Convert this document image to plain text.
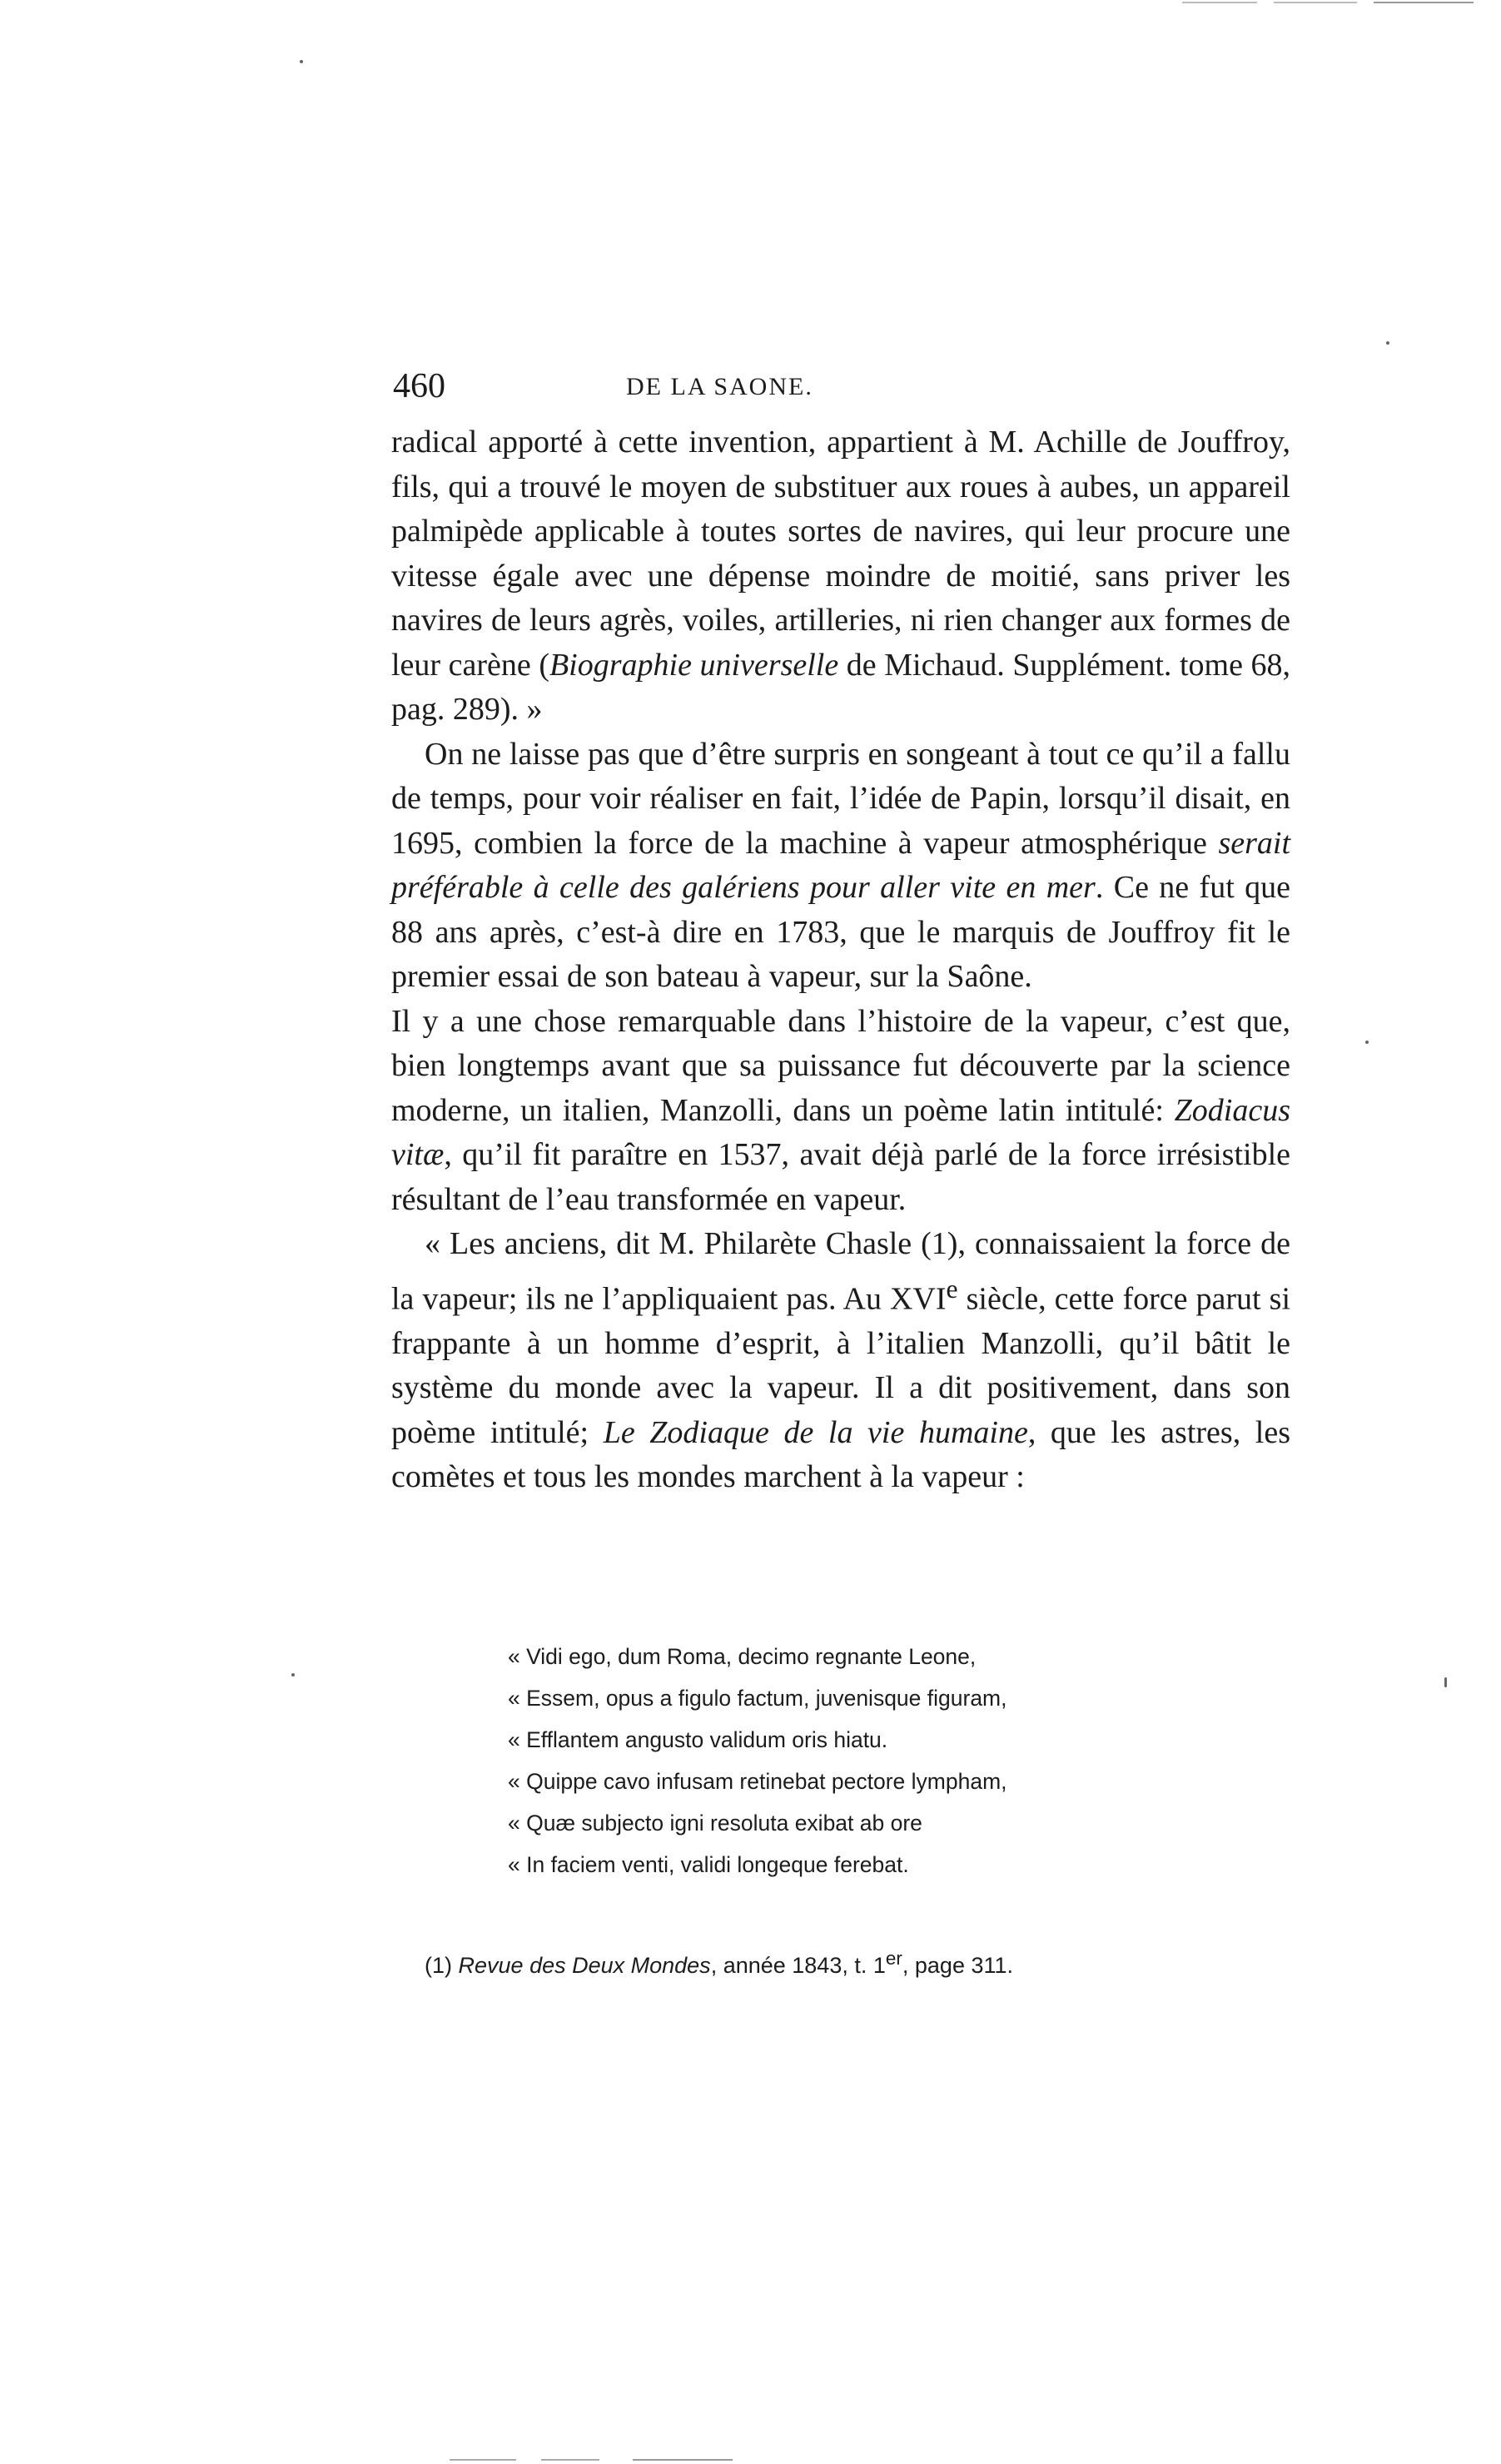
460	DE LA SAONE.

radical apporté à cette invention, appartient à M. Achille de Jouffroy, fils, qui a trouvé le moyen de substituer aux roues à aubes, un appareil palmipède applicable à toutes sortes de navires, qui leur procure une vitesse égale avec une dépense moindre de moitié, sans priver les navires de leurs agrès, voiles, artilleries, ni rien changer aux formes de leur carène (Biographie universelle de Michaud. Supplément. tome 68, pag. 289). »

On ne laisse pas que d’être surpris en songeant à tout ce qu’il a fallu de temps, pour voir réaliser en fait, l’idée de Papin, lorsqu’il disait, en 1695, combien la force de la machine à vapeur atmosphérique serait préférable à celle des galériens pour aller vite en mer. Ce ne fut que 88 ans après, c’est-à dire en 1783, que le marquis de Jouffroy fit le premier essai de son bateau à vapeur, sur la Saône.

Il y a une chose remarquable dans l’histoire de la vapeur, c’est que, bien longtemps avant que sa puissance fut découverte par la science moderne, un italien, Manzolli, dans un poème latin intitulé: Zodiacus vitæ, qu’il fit paraître en 1537, avait déjà parlé de la force irrésistible résultant de l’eau transformée en vapeur.

« Les anciens, dit M. Philarète Chasle (1), connaissaient la force de la vapeur; ils ne l’appliquaient pas. Au XVIe siècle, cette force parut si frappante à un homme d’esprit, à l’italien Manzolli, qu’il bâtit le système du monde avec la vapeur. Il a dit positivement, dans son poème intitulé; Le Zodiaque de la vie humaine, que les astres, les comètes et tous les mondes marchent à la vapeur :

« Vidi ego, dum Roma, decimo regnante Leone,
« Essem, opus a figulo factum, juvenisque figuram,
« Efflantem angusto validum oris hiatu.
« Quippe cavo infusam retinebat pectore lympham,
« Quæ subjecto igni resoluta exibat ab ore
« In faciem venti, validi longeque ferebat.
(1) Revue des Deux Mondes, année 1843, t. 1er, page 311.
